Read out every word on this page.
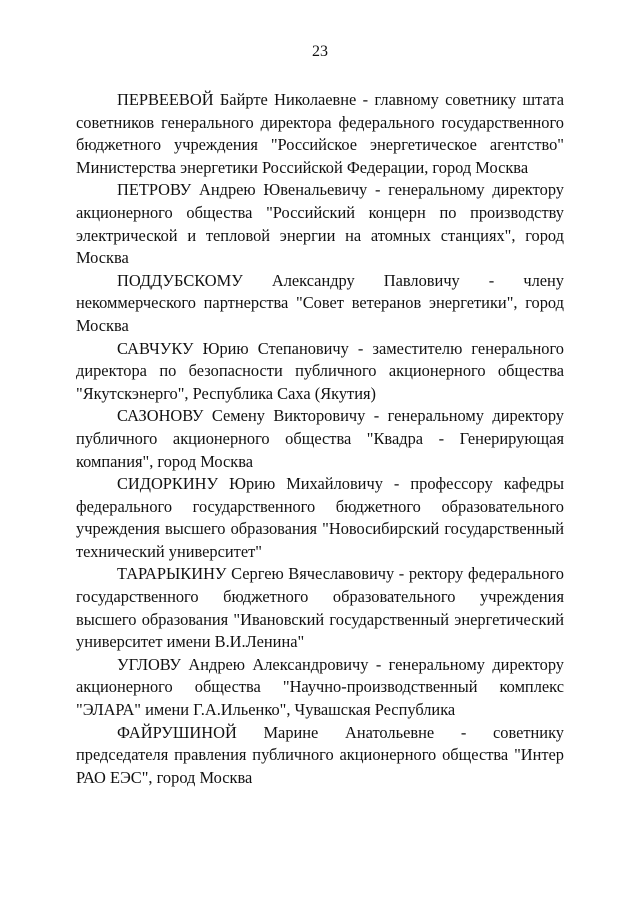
23

ПЕРВЕЕВОЙ Байрте Николаевне - главному советнику штата советников генерального директора федерального государственного бюджетного учреждения "Российское энергетическое агентство" Министерства энергетики Российской Федерации, город Москва

ПЕТРОВУ Андрею Ювенальевичу - генеральному директору акционерного общества "Российский концерн по производству электрической и тепловой энергии на атомных станциях", город Москва

ПОДДУБСКОМУ Александру Павловичу - члену некоммерческого партнерства "Совет ветеранов энергетики", город Москва

САВЧУКУ Юрию Степановичу - заместителю генерального директора по безопасности публичного акционерного общества "Якутскэнерго", Республика Саха (Якутия)

САЗОНОВУ Семену Викторовичу - генеральному директору публичного акционерного общества "Квадра - Генерирующая компания", город Москва

СИДОРКИНУ Юрию Михайловичу - профессору кафедры федерального государственного бюджетного образовательного учреждения высшего образования "Новосибирский государственный технический университет"

ТАРАРЫКИНУ Сергею Вячеславовичу - ректору федерального государственного бюджетного образовательного учреждения высшего образования "Ивановский государственный энергетический университет имени В.И.Ленина"

УГЛОВУ Андрею Александровичу - генеральному директору акционерного общества "Научно-производственный комплекс "ЭЛАРА" имени Г.А.Ильенко", Чувашская Республика

ФАЙРУШИНОЙ Марине Анатольевне - советнику председателя правления публичного акционерного общества "Интер РАО ЕЭС", город Москва
